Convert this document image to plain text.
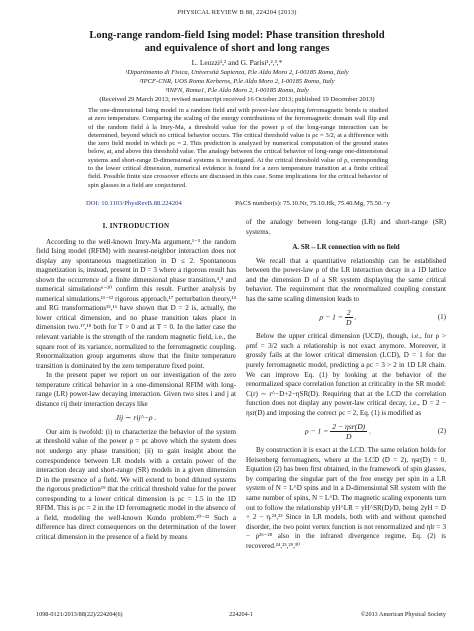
PHYSICAL REVIEW B 88, 224204 (2013)
Long-range random-field Ising model: Phase transition threshold
and equivalence of short and long ranges
L. Leuzzi¹,² and G. Parisi¹,²,³,*
¹Dipartimento di Fisica, Università Sapienza, P.le Aldo Moro 2, I-00185 Roma, Italy
²IPCF-CNR, UOS Roma Kerberos, P.le Aldo Moro 2, I-00185 Roma, Italy
³INFN, Roma1, P.le Aldo Moro 2, I-00185 Roma, Italy
(Received 29 March 2013; revised manuscript received 16 October 2013; published 19 December 2013)
The one-dimensional Ising model in a random field and with power-law decaying ferromagnetic bonds is studied at zero temperature. Comparing the scaling of the energy contributions of the ferromagnetic domain wall flip and of the random field à la Imry-Ma, a threshold value for the power ρ of the long-range interaction can be determined, beyond which no critical behavior occurs. The critical threshold value is ρc = 3/2, at a difference with the zero field model in which ρc = 2. This prediction is analyzed by numerical computation of the ground states below, at, and above this threshold value. The analogy between the critical behavior of long-range one-dimensional systems and short-range D-dimensional systems is investigated. At the critical threshold value of ρ, corresponding to the lower critical dimension, numerical evidence is found for a zero temperature transition at a finite critical field. Possible finite size crossover effects are discussed in this case. Some implications for the critical behavior of spin glasses in a field are conjectured.
DOI: 10.1103/PhysRevB.88.224204	PACS number(s): 75.10.Nr, 75.10.Hk, 75.40.Mg, 75.50.−y
I. INTRODUCTION

According to the well-known Imry-Ma argument,¹⁻³ the random field Ising model (RFIM) with nearest-neighbor interaction does not display any spontaneous magnetization in D ≤ 2. Spontaneous magnetization is, instead, present in D = 3 where a rigorous result has shown the occurrence of a finite dimensional phase transition,⁴,⁵ and numerical simulations⁶⁻¹⁰ confirm this result. Further analysis by numerical simulations,¹¹⁻¹² rigorous approach,¹⁷ perturbation theory,¹⁴ and RG transformations¹⁵,¹⁶ have shown that D = 2 is, actually, the lower critical dimension, and no phase transition takes place in dimension two.¹⁷,¹⁸ both for T > 0 and at T = 0. In the latter case the relevant variable is the strength of the random magnetic field, i.e., the square root of its variance, normalized to the ferromagnetic coupling. Renormalization group arguments show that the finite temperature transition is dominated by the zero temperature fixed point.

In the present paper we report on our investigation of the zero temperature critical behavior in a one-dimensional RFIM with long-range (LR) power-law decaying interaction. Given two sites i and j at distance rij their interaction decays like

Jij ∼ rij^−ρ .

Our aim is twofold: (i) to characterize the behavior of the system at threshold value of the power ρ = ρc above which the system does not undergo any phase transition; (ii) to gain insight about the correspondence between LR models with a certain power of the interaction decay and short-range (SR) models in a given dimension D in the presence of a field. We will extend to bond diluted systems the rigorous prediction¹⁹ that the critical threshold value for the power corresponding to a lower critical dimension is ρc = 1.5 in the 1D RFIM. This is ρc = 2 in the 1D ferromagnetic model in the absence of a field, modeling the well-known Kondo problem.²⁰⁻²² Such a difference has direct consequences on the determination of the lower critical dimension in the presence of a field by means

of the analogy between long-range (LR) and short-range (SR) systems.

A. SR↔LR connection with no field

We recall that a quantitative relationship can be established between the power-law ρ of the LR interaction decay in a 1D lattice and the dimension D of a SR system displaying the same critical behavior. The requirement that the renormalized coupling constant has the same scaling dimension leads to

$\rho - 1 = \frac{2}{D}$ .	(1)

Below the upper critical dimension (UCD), though, i.e., for ρ > ρmf = 3/2 such a relationship is not exact anymore. Moreover, it grossly fails at the lower critical dimension (LCD), D = 1 for the purely ferromagnetic model, predicting a ρc = 3 > 2 in 1D LR chain. We can improve Eq. (1) by looking at the behavior of the renormalized space correlation function at criticality in the SR model: C(r) ∼ r^−D+2−ηSR(D). Requiring that at the LCD the correlation function does not display any power-law critical decay, i.e., D = 2 − ηsr(D) and imposing the correct ρc = 2, Eq. (1) is modified as

$\rho - 1 = \frac{\text{2 − ηsr(D)}}{D}$ .	(2)

By construction it is exact at the LCD. The same relation holds for Heisenberg ferromagnets, where at the LCD (D = 2), ηsr(D) = 0. Equation (2) has been first obtained, in the framework of spin glasses, by comparing the singular part of the free energy per spin in a LR system of N = L^D spins and in a D-dimensional SR system with the same number of spins, N = L^D. The magnetic scaling exponents turn out to follow the relationship yH^LR = yH^SR(D)/D, being 2yH = D + 2 − η.²⁴,²⁵ Since in LR models, both with and without quenched disorder, the two point vertex function is not renormalized and ηlr = 3 − ρ²⁶⁻²⁸ also in the infrared divergence regime, Eq. (2) is recovered.²⁴,²⁵,²⁹,³⁰

1098-0121/2013/88(22)/224204(6)	224204-1	©2013 American Physical Society
